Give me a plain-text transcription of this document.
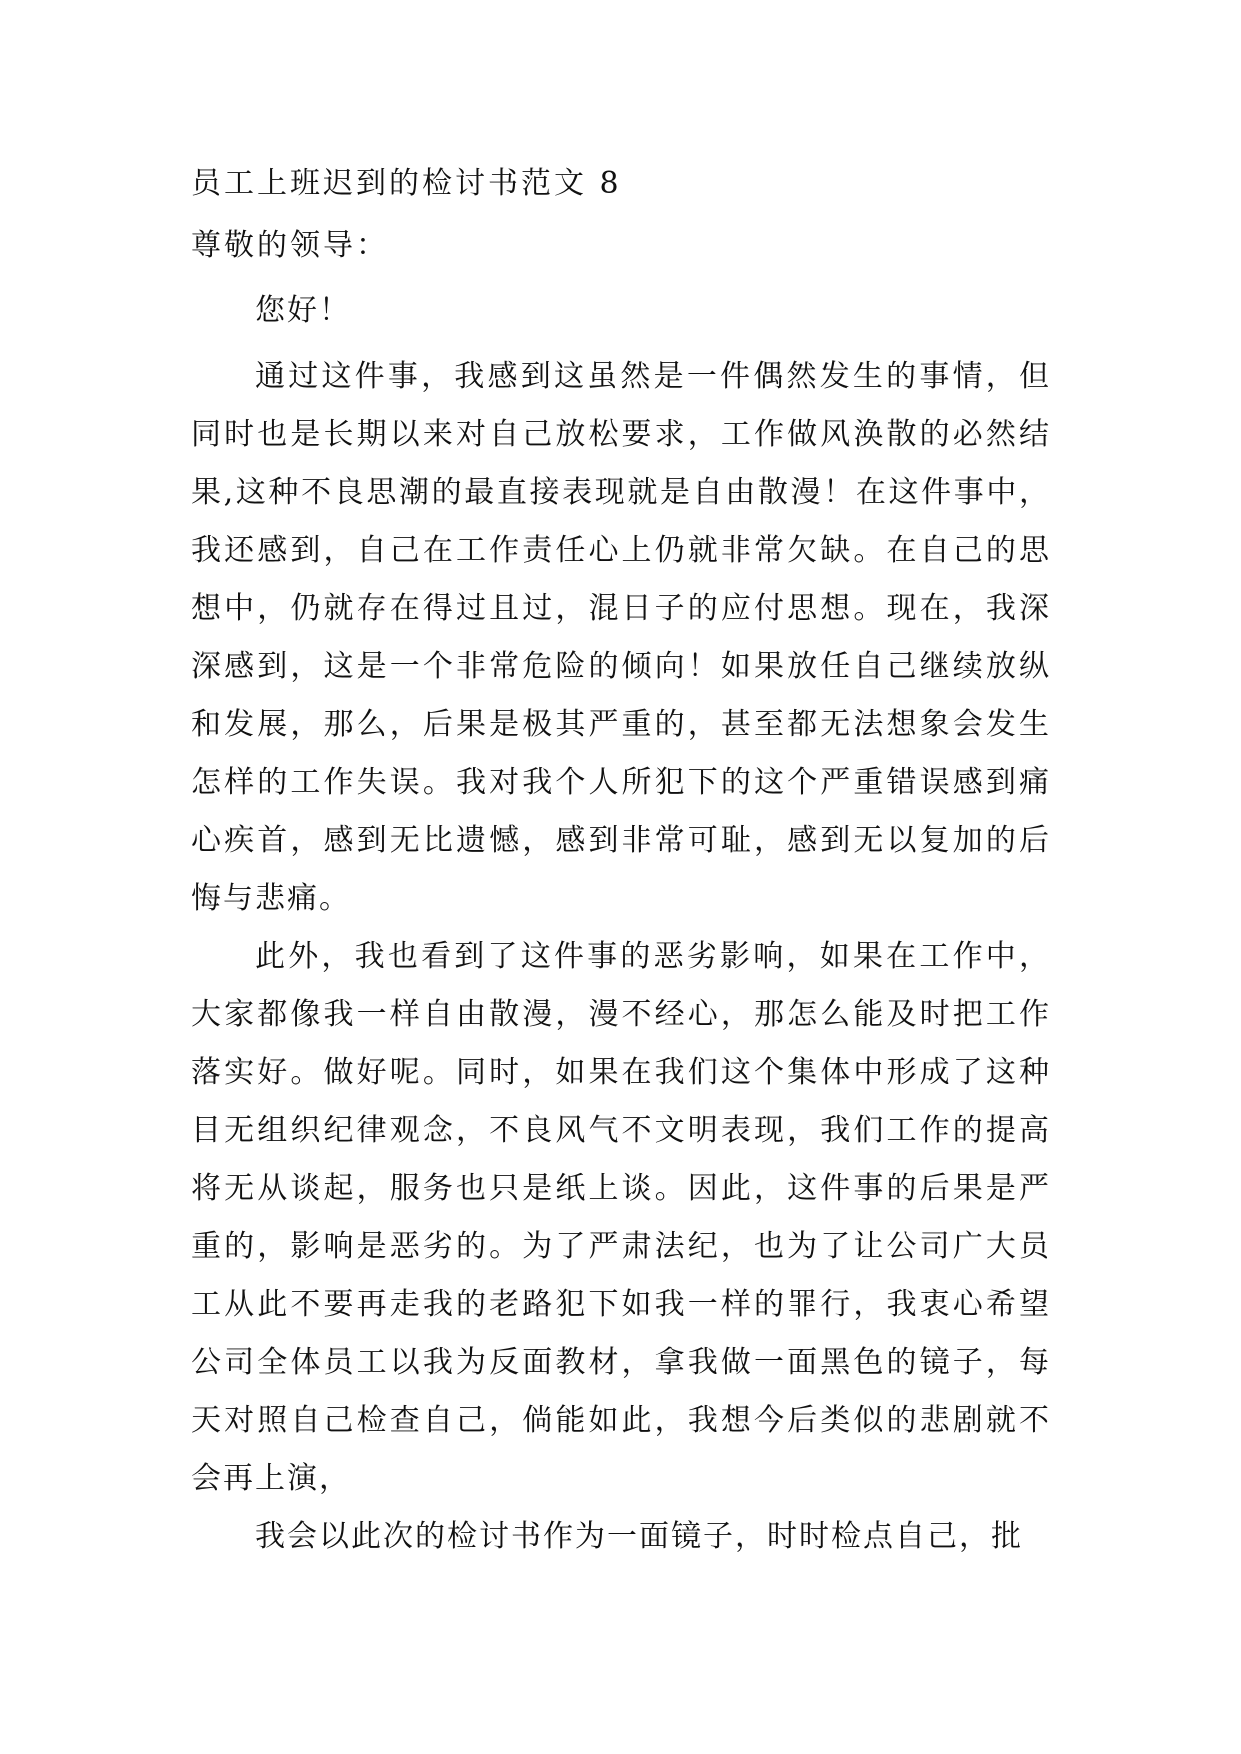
员工上班迟到的检讨书范文 8
尊敬的领导：

您好！

通过这件事，我感到这虽然是一件偶然发生的事情，但同时也是长期以来对自己放松要求，工作做风涣散的必然结果,这种不良思潮的最直接表现就是自由散漫！在这件事中，我还感到，自己在工作责任心上仍就非常欠缺。在自己的思想中，仍就存在得过且过，混日子的应付思想。现在，我深深感到，这是一个非常危险的倾向！如果放任自己继续放纵和发展，那么，后果是极其严重的，甚至都无法想象会发生怎样的工作失误。我对我个人所犯下的这个严重错误感到痛心疾首，感到无比遗憾，感到非常可耻，感到无以复加的后悔与悲痛。

此外，我也看到了这件事的恶劣影响，如果在工作中，大家都像我一样自由散漫，漫不经心，那怎么能及时把工作落实好。做好呢。同时，如果在我们这个集体中形成了这种目无组织纪律观念，不良风气不文明表现，我们工作的提高将无从谈起，服务也只是纸上谈。因此，这件事的后果是严重的，影响是恶劣的。为了严肃法纪，也为了让公司广大员工从此不要再走我的老路犯下如我一样的罪行，我衷心希望公司全体员工以我为反面教材，拿我做一面黑色的镜子，每天对照自己检查自己，倘能如此，我想今后类似的悲剧就不会再上演，

我会以此次的检讨书作为一面镜子，时时检点自己，批
